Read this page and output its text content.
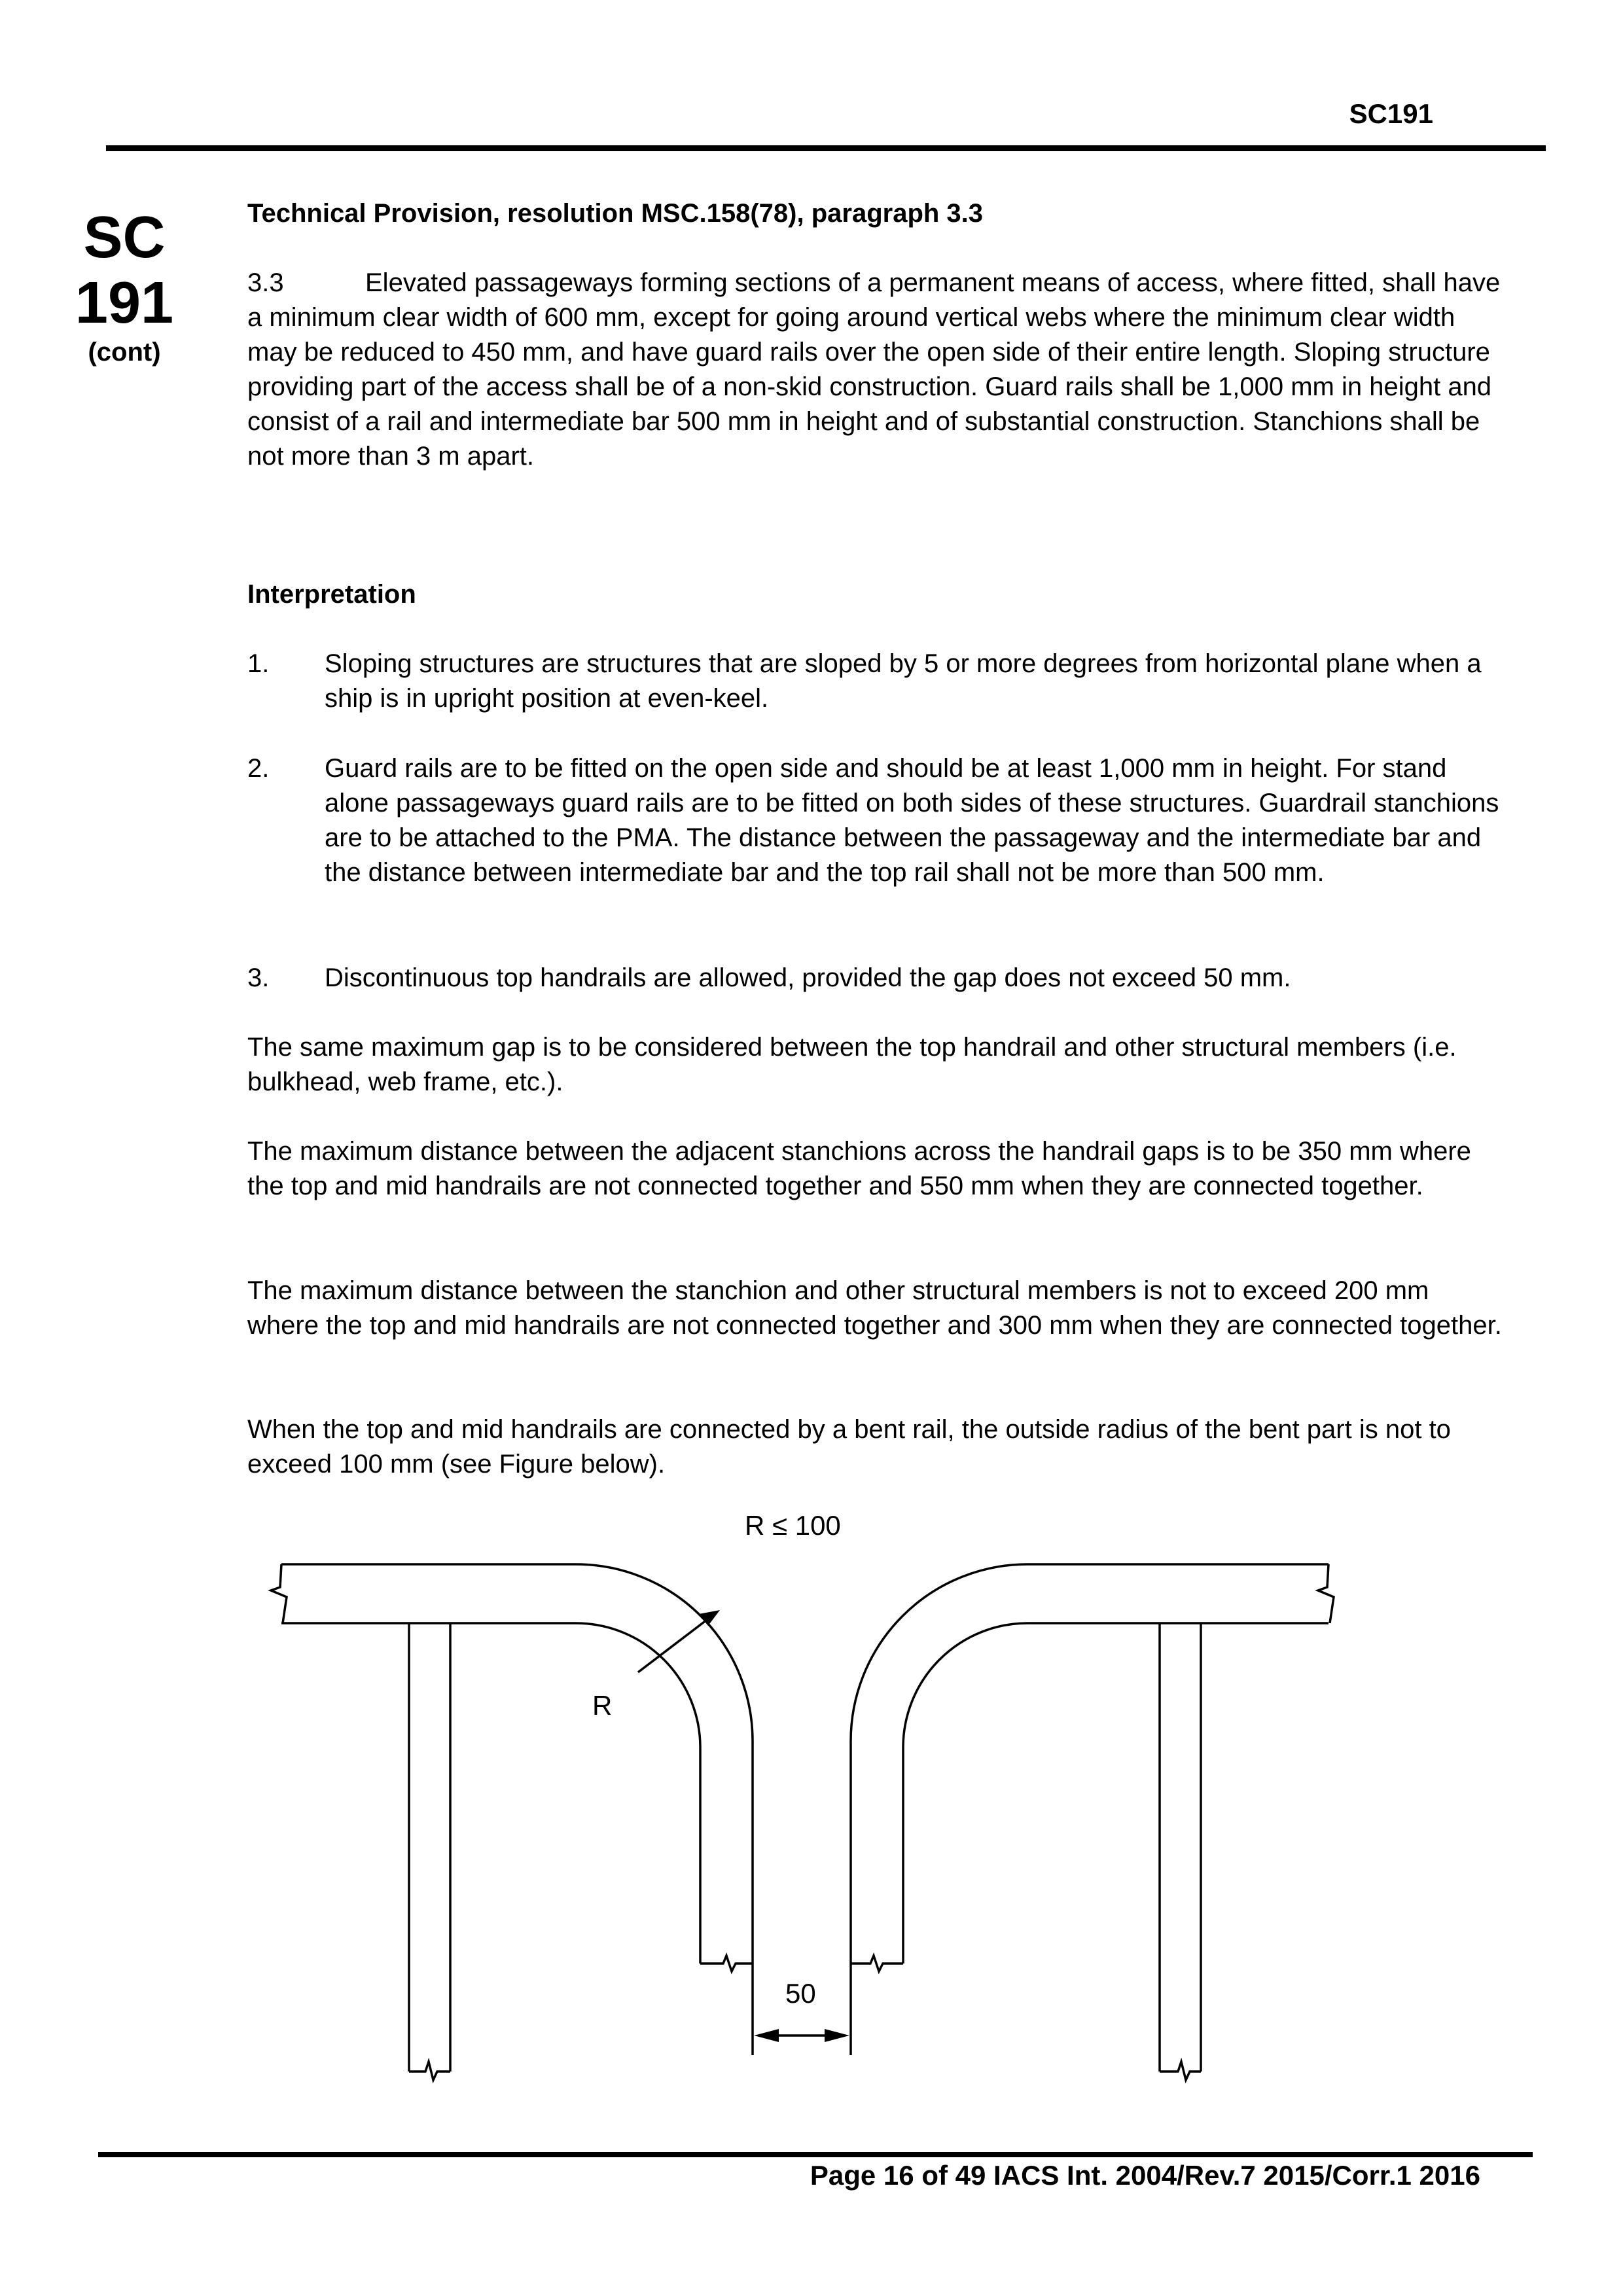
SC191
SC
191
(cont)
Technical Provision, resolution MSC.158(78), paragraph 3.3

3.3	Elevated passageways forming sections of a permanent means of access, where fitted, shall have a minimum clear width of 600 mm, except for going around vertical webs where the minimum clear width may be reduced to 450 mm, and have guard rails over the open side of their entire length. Sloping structure providing part of the access shall be of a non-skid construction. Guard rails shall be 1,000 mm in height and consist of a rail and intermediate bar 500 mm in height and of substantial construction. Stanchions shall be not more than 3 m apart.

Interpretation
1. Sloping structures are structures that are sloped by 5 or more degrees from horizontal plane when a ship is in upright position at even-keel.
2. Guard rails are to be fitted on the open side and should be at least 1,000 mm in height. For stand alone passageways guard rails are to be fitted on both sides of these structures. Guardrail stanchions are to be attached to the PMA. The distance between the passageway and the intermediate bar and the distance between intermediate bar and the top rail shall not be more than 500 mm.
3. Discontinuous top handrails are allowed, provided the gap does not exceed 50 mm.
The same maximum gap is to be considered between the top handrail and other structural members (i.e. bulkhead, web frame, etc.).
The maximum distance between the adjacent stanchions across the handrail gaps is to be 350 mm where the top and mid handrails are not connected together and 550 mm when they are connected together.
The maximum distance between the stanchion and other structural members is not to exceed 200 mm where the top and mid handrails are not connected together and 300 mm when they are connected together.
When the top and mid handrails are connected by a bent rail, the outside radius of the bent part is not to exceed 100 mm (see Figure below).
R ≤ 100
R
50
Page 16 of 49 IACS Int. 2004/Rev.7 2015/Corr.1 2016
